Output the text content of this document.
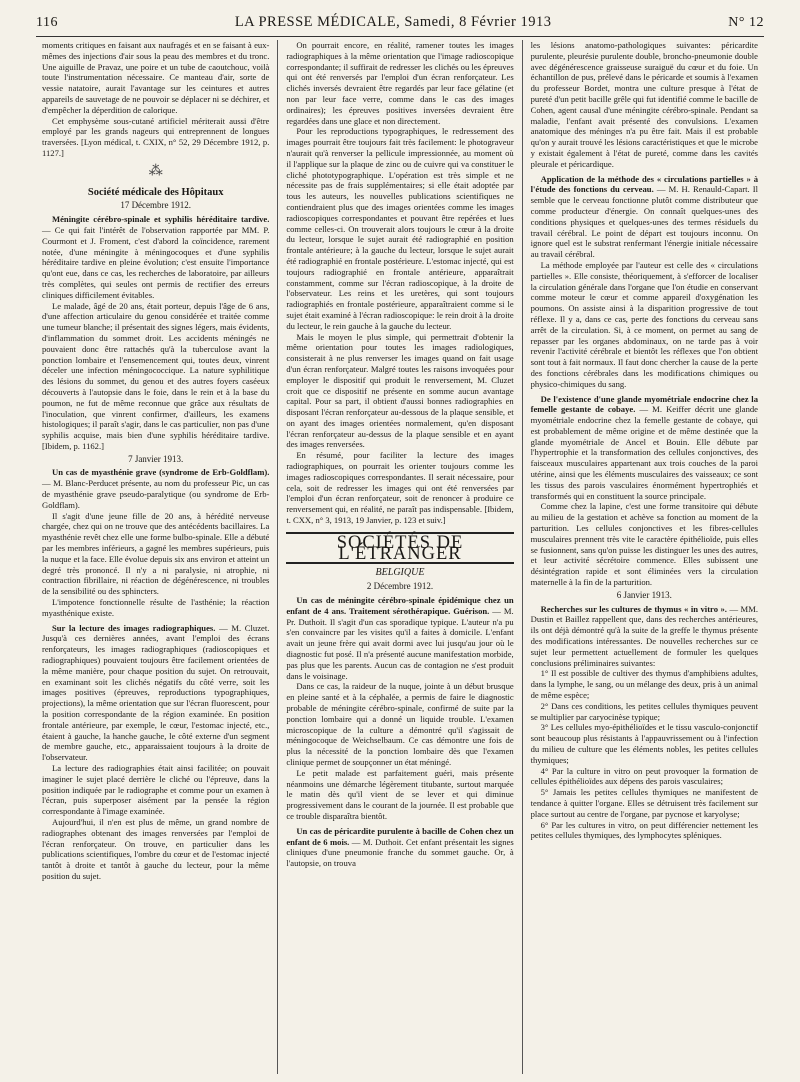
116	LA PRESSE MÉDICALE, Samedi, 8 Février 1913	N° 12

moments critiques en faisant aux naufragés et en se faisant à eux-mêmes des injections d'air sous la peau des membres et du tronc. Une aiguille de Pravaz, une poire et un tube de caoutchouc, voilà toute l'instrumentation nécessaire. Ce manteau d'air, sorte de vessie natatoire, aurait l'avantage sur les ceintures et autres appareils de sauvetage de ne pouvoir se déplacer ni se déchirer, et d'empêcher la déperdition de calorique.

Cet emphysème sous-cutané artificiel mériterait aussi d'être employé par les grands nageurs qui entreprennent de longues traversées. [Lyon médical, t. CXIX, n° 52, 29 Décembre 1912, p. 1127.]

⁂
Société médicale des Hôpitaux
17 Décembre 1912.

Méningite cérébro-spinale et syphilis héréditaire tardive. — Ce qui fait l'intérêt de l'observation rapportée par MM. P. Courmont et J. Froment, c'est d'abord la coïncidence, rarement notée, d'une méningite à méningocoques et d'une syphilis héréditaire tardive en pleine évolution; c'est ensuite l'importance qu'ont eue, dans ce cas, les recherches de laboratoire, par ailleurs très complètes, qui seules ont permis de rectifier des erreurs cliniques difficilement évitables.

Le malade, âgé de 20 ans, était porteur, depuis l'âge de 6 ans, d'une affection articulaire du genou considérée et traitée comme une tumeur blanche; il présentait des signes légers, mais évidents, d'inflammation du sommet droit. Les accidents méningés ne pouvaient donc être rattachés qu'à la tuberculose avant la ponction lombaire et l'ensemencement qui, toutes deux, vinrent déceler une infection méningococcique. La nature syphilitique des lésions du sommet, du genou et des autres foyers caséeux découverts à l'autopsie dans le foie, dans le rein et à la base du poumon, ne fut de même reconnue que grâce aux résultats de l'inoculation, que vinrent confirmer, d'ailleurs, les examens histologiques; il paraît s'agir, dans le cas particulier, non pas d'une syphilis acquise, mais bien d'une syphilis héréditaire tardive. [Ibidem, p. 1162.]

7 Janvier 1913.

Un cas de myasthénie grave (syndrome de Erb-Goldflam). — M. Blanc-Perducet présente, au nom du professeur Pic, un cas de myasthénie grave pseudo-paralytique (ou syndrome de Erb-Goldflam).

Il s'agit d'une jeune fille de 20 ans, à hérédité nerveuse chargée, chez qui on ne trouve que des antécédents bacillaires. La myasthénie revêt chez elle une forme bulbo-spinale. Elle a débuté par les membres inférieurs, a gagné les membres supérieurs, puis la nuque et la face. Elle évolue depuis six ans environ et atteint un degré très prononcé. Il n'y a ni paralysie, ni atrophie, ni contraction fibrillaire, ni réaction de dégénérescence, ni troubles de la sensibilité ou des sphincters.

L'impotence fonctionnelle résulte de l'asthénie; la réaction myasthénique existe.

Sur la lecture des images radiographiques. — M. Cluzet. Jusqu'à ces dernières années, avant l'emploi des écrans renforçateurs, les images radiographiques (radioscopiques et radiographiques) pouvaient toujours être facilement orientées de la même manière, pour chaque position du sujet. On retrouvait, en examinant soit les clichés négatifs du côté verre, soit les images positives (épreuves, reproductions typographiques, projections), la même orientation que sur l'écran fluorescent, pour la position correspondante de la région examinée. En position frontale antérieure, par exemple, le cœur, l'estomac injecté, etc., étaient à gauche, la hanche gauche, le côté externe d'un segment de membre gauche, etc., apparaissaient toujours à la droite de l'observateur.

La lecture des radiographies était ainsi facilitée; on pouvait imaginer le sujet placé derrière le cliché ou l'épreuve, dans la position indiquée par le radiographe et comme pour un examen à l'écran, puis superposer aisément par la pensée la région correspondante à l'image examinée.

Aujourd'hui, il n'en est plus de même, un grand nombre de radiographes obtenant des images renversées par l'emploi de l'écran renforçateur. On trouve, en particulier dans les publications scientifiques, l'ombre du cœur et de l'estomac injecté tantôt à droite et tantôt à gauche du lecteur, pour la même position du sujet.

On pourrait encore, en réalité, ramener toutes les images radiographiques à la même orientation que l'image radioscopique correspondante; il suffirait de redresser les clichés ou les épreuves qui ont été renversés par l'emploi d'un écran renforçateur. Les clichés inversés devraient être regardés par leur face gélatine (et non par leur face verre, comme dans le cas des images ordinaires); les épreuves positives inversées devraient être regardées dans une glace et non directement.

Pour les reproductions typographiques, le redressement des images pourrait être toujours fait très facilement: le photograveur n'aurait qu'à renverser la pellicule impressionnée, au moment où il l'applique sur la plaque de zinc ou de cuivre qui va constituer le cliché phototypographique. L'opération est très simple et ne nécessite pas de frais supplémentaires; si elle était adoptée par tous les auteurs, les nouvelles publications scientifiques ne contiendraient plus que des images orientées comme les images radioscopiques correspondantes et pouvant être repérées et lues comme celles-ci. On trouverait alors toujours le cœur à la droite du lecteur, lorsque le sujet aurait été radiographié en position frontale antérieure; à la gauche du lecteur, lorsque le sujet aurait été radiographié en frontale postérieure. L'estomac injecté, qui est toujours radiographié en frontale antérieure, apparaîtrait constamment, comme sur l'écran radioscopique, à la droite de l'observateur. Les reins et les uretères, qui sont toujours radiographiés en frontale postérieure, apparaîtraient comme si le sujet était examiné à l'écran radioscopique: le rein droit à la droite du lecteur, le rein gauche à la gauche du lecteur.

Mais le moyen le plus simple, qui permettrait d'obtenir la même orientation pour toutes les images radiologiques, consisterait à ne plus renverser les images quand on fait usage d'un écran renforçateur. Malgré toutes les raisons invoquées pour employer le dispositif qui produit le renversement, M. Cluzet croit que ce dispositif ne présente en somme aucun avantage capital. Pour sa part, il obtient d'aussi bonnes radiographies en disposant l'écran renforçateur au-dessous de la plaque sensible, et on ayant des images orientées normalement, qu'en disposant l'écran renforçateur au-dessus de la plaque sensible et en ayant des images renversées.

En résumé, pour faciliter la lecture des images radiographiques, on pourrait les orienter toujours comme les images radioscopiques correspondantes. Il serait nécessaire, pour cela, soit de redresser les images qui ont été renversées par l'emploi d'un écran renforçateur, soit de renoncer à produire ce renversement qui, en réalité, ne paraît pas indispensable. [Ibidem, t. CXX, n° 3, 1913, 19 Janvier, p. 123 et suiv.]

SOCIÉTÉS DE L'ÉTRANGER
BELGIQUE
2 Décembre 1912.

Un cas de méningite cérébro-spinale épidémique chez un enfant de 4 ans. Traitement sérothérapique. Guérison. — M. Pr. Duthoit. Il s'agit d'un cas sporadique typique. L'auteur n'a pu s'en convaincre par les visites qu'il a faites à domicile. L'enfant avait un jeune frère qui avait dormi avec lui jusqu'au jour où le diagnostic fut posé. Il n'a présenté aucune manifestation morbide, pas plus que les parents. Aucun cas de contagion ne s'est produit dans le voisinage.

Dans ce cas, la raideur de la nuque, jointe à un début brusque en pleine santé et à la céphalée, a permis de faire le diagnostic probable de méningite cérébro-spinale, confirmé de suite par la ponction lombaire qui a donné un liquide trouble. L'examen microscopique de la culture a démontré qu'il s'agissait de méningocoque de Weichselbaum. Ce cas démontre une fois de plus la nécessité de la ponction lombaire dès que l'examen clinique permet de soupçonner un état méningé.

Le petit malade est parfaitement guéri, mais présente néanmoins une démarche légèrement titubante, surtout marquée le matin dès qu'il vient de se lever et qui diminue progressivement dans le courant de la journée. Il est probable que ce trouble disparaîtra bientôt.

Un cas de péricardite purulente à bacille de Cohen chez un enfant de 6 mois. — M. Duthoit. Cet enfant présentait les signes cliniques d'une pneumonie franche du sommet gauche. Or, à l'autopsie, on trouva

les lésions anatomo-pathologiques suivantes: péricardite purulente, pleurésie purulente double, broncho-pneumonie double avec dégénérescence graisseuse suraiguë du cœur et du foie. Un échantillon de pus, prélevé dans le péricarde et soumis à l'examen du professeur Bordet, montra une culture presque à l'état de pureté d'un petit bacille grêle qui fut identifié comme le bacille de Cohen, agent causal d'une méningite cérébro-spinale. Pendant sa maladie, l'enfant avait présenté des convulsions. L'examen anatomique des méninges n'a pu être fait. Mais il est probable qu'on y aurait trouvé les lésions caractéristiques et que le microbe y existait également à l'état de pureté, comme dans les cavités pleurale et péricardique.

Application de la méthode des « circulations partielles » à l'étude des fonctions du cerveau. — M. H. Renauld-Capart. Il semble que le cerveau fonctionne plutôt comme distributeur que comme producteur d'énergie. On connaît quelques-unes des conditions physiques et quelques-unes des termes résiduels du travail cérébral. Le point de départ est toujours inconnu. On ignore quel est le substrat renfermant l'énergie initiale nécessaire au travail cérébral.

La méthode employée par l'auteur est celle des « circulations partielles ». Elle consiste, théoriquement, à s'efforcer de localiser la circulation générale dans l'organe que l'on étudie en conservant comme moteur le cœur et comme appareil d'oxygénation les poumons. On assiste ainsi à la disparition progressive de tout réflexe. Il y a, dans ce cas, perte des fonctions du cerveau sans arrêt de la circulation. Si, à ce moment, on permet au sang de repasser par les organes abdominaux, on ne tarde pas à voir revenir l'activité cérébrale et bientôt les réflexes que l'on obtient sont tout à fait normaux. Il faut donc chercher la cause de la perte des fonctions cérébrales dans les modifications chimiques ou physico-chimiques du sang.

De l'existence d'une glande myométriale endocrine chez la femelle gestante de cobaye. — M. Keiffer décrit une glande myométriale endocrine chez la femelle gestante de cobaye, qui est probablement de même origine et de même destinée que la glande myométriale de Ancel et Bouin. Elle débute par l'hypertrophie et la transformation des cellules conjonctives, des faisceaux musculaires appartenant aux trois couches de la paroi utérine, ainsi que les éléments musculaires des vaisseaux; ce sont les tissus des parois vasculaires énormément hypertrophiés et transformés qui en constituent la source principale.

Comme chez la lapine, c'est une forme transitoire qui débute au milieu de la gestation et achève sa fonction au moment de la parturition. Les cellules conjonctives et les fibres-cellules musculaires prennent très vite le caractère épithélioïde, puis elles se fusionnent, sans qu'on puisse les distinguer les unes des autres, et leur activité sécrétoire commence. Elles subissent une désintégration rapide et sont éliminées vers la circulation maternelle à la fin de la parturition.

6 Janvier 1913.

Recherches sur les cultures de thymus « in vitro ». — MM. Dustin et Baillez rappellent que, dans des recherches antérieures, ils ont déjà démontré qu'à la suite de la greffe le thymus présente des modifications intéressantes. De nouvelles recherches sur ce sujet leur permettent actuellement de formuler les quelques conclusions préliminaires suivantes:

1° Il est possible de cultiver des thymus d'amphibiens adultes, dans la lymphe, le sang, ou un mélange des deux, pris à un animal de même espèce;

2° Dans ces conditions, les petites cellules thymiques peuvent se multiplier par caryocinèse typique;

3° Les cellules myo-épithélioïdes et le tissu vasculo-conjonctif sont beaucoup plus résistants à l'appauvrissement ou à l'infection du milieu de culture que les éléments nobles, les petites cellules thymiques;

4° Par la culture in vitro on peut provoquer la formation de cellules épithélioïdes aux dépens des parois vasculaires;

5° Jamais les petites cellules thymiques ne manifestent de tendance à quitter l'organe. Elles se détruisent très facilement sur place surtout au centre de l'organe, par pycnose et karyolyse;

6° Par les cultures in vitro, on peut différencier nettement les petites cellules thymiques, des lymphocytes spléniques.
